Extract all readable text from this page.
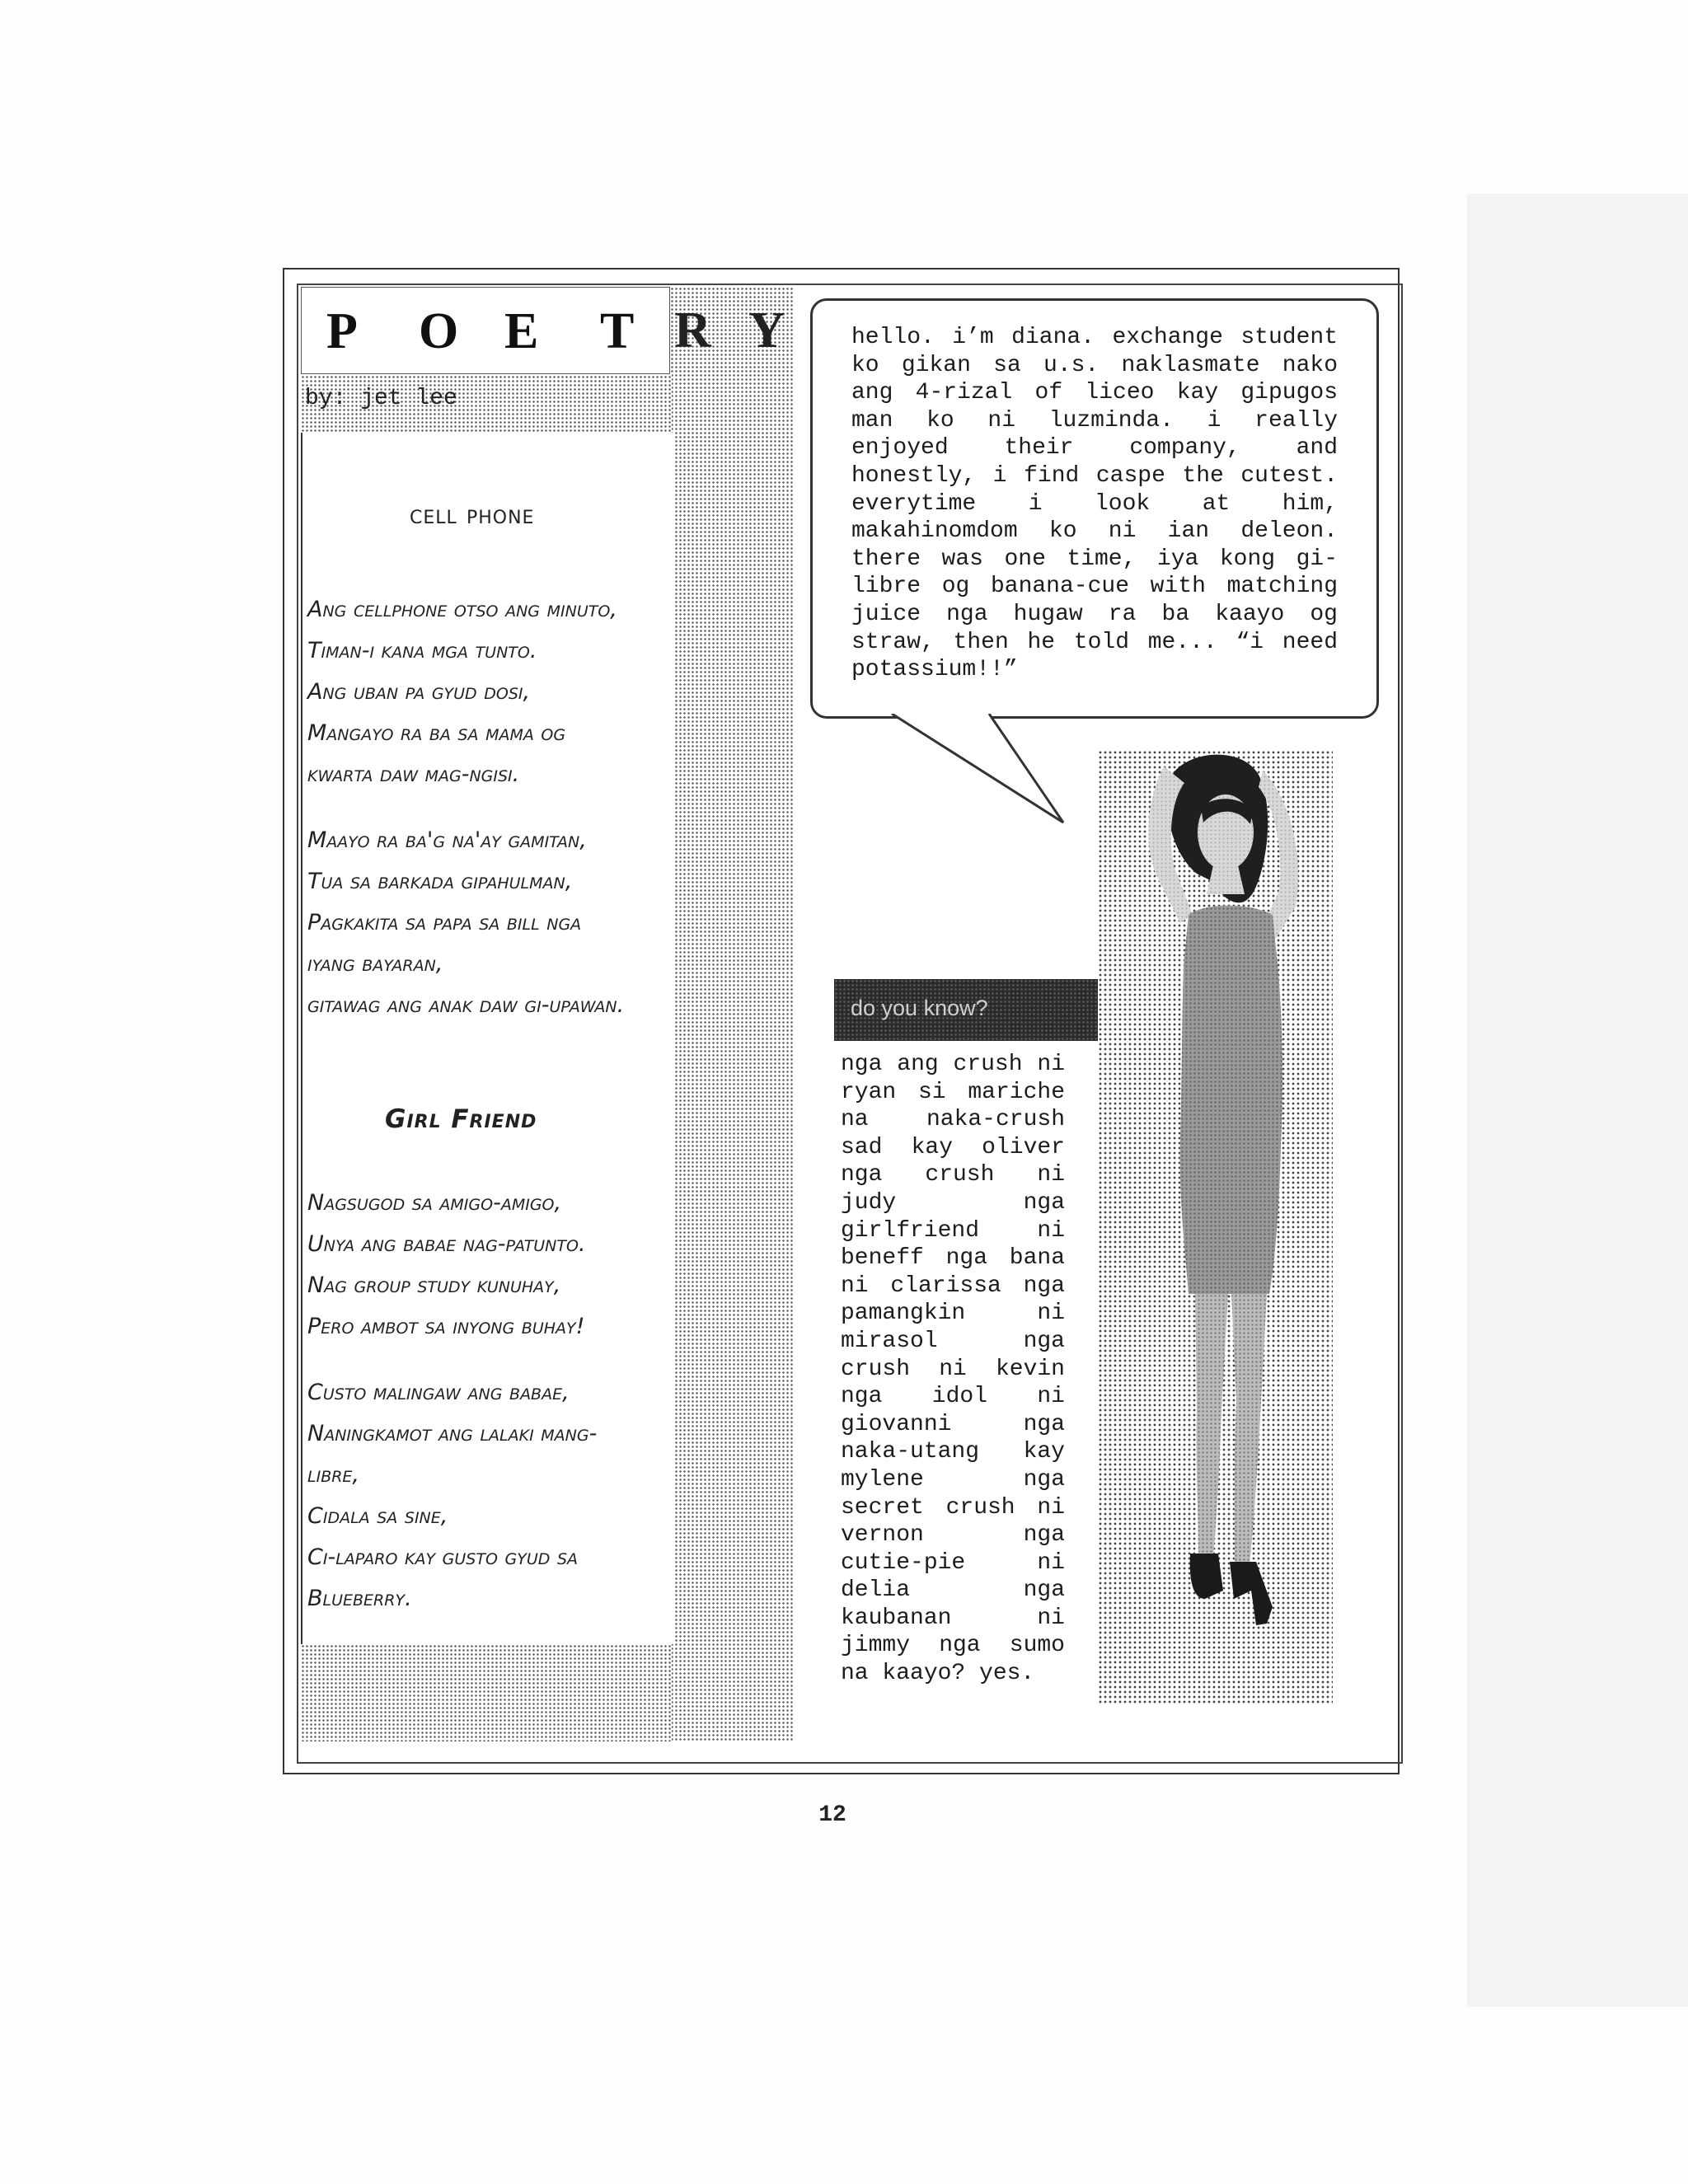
P O E T R Y
by: jet lee
cell phone
Ang cellphone otso ang minuto,
Timan-i kana mga tunto.
Ang uban pa gyud dosi,
Mangayo ra ba sa mama og
kwarta daw mag-ngisi.
Maayo ra ba'g na'ay gamitan,
Tua sa barkada gipahulman,
Pagkakita sa papa sa bill nga
iyang bayaran,
gitawag ang anak daw gi-upawan.
Girl Friend
Nagsugod sa amigo-amigo,
Unya ang babae nag-patunto.
Nag group study kunuhay,
Pero ambot sa inyong buhay!
Custo malingaw ang babae,
Naningkamot ang lalaki mang-
libre,
Cidala sa sine,
Ci-laparo kay gusto gyud sa
Blueberry.
hello. i’m diana. exchange student ko gikan sa u.s. naklasmate nako ang 4-rizal of liceo kay gipugos man ko ni luzminda. i really enjoyed their company, and honestly, i find caspe the cutest. everytime i look at him, makahinomdom ko ni ian deleon. there was one time, iya kong gi-libre og banana-cue with matching juice nga hugaw ra ba kaayo og straw, then he told me... “i need potassium!!”
do you know?
nga ang crush ni ryan si mariche na naka-crush sad kay oliver nga crush ni judy nga girlfriend ni beneff nga bana ni clarissa nga pamangkin ni mirasol nga crush ni kevin nga idol ni giovanni nga naka-utang kay mylene nga secret crush ni vernon nga cutie-pie ni delia nga kaubanan ni jimmy nga sumo
na kaayo? yes.
12
